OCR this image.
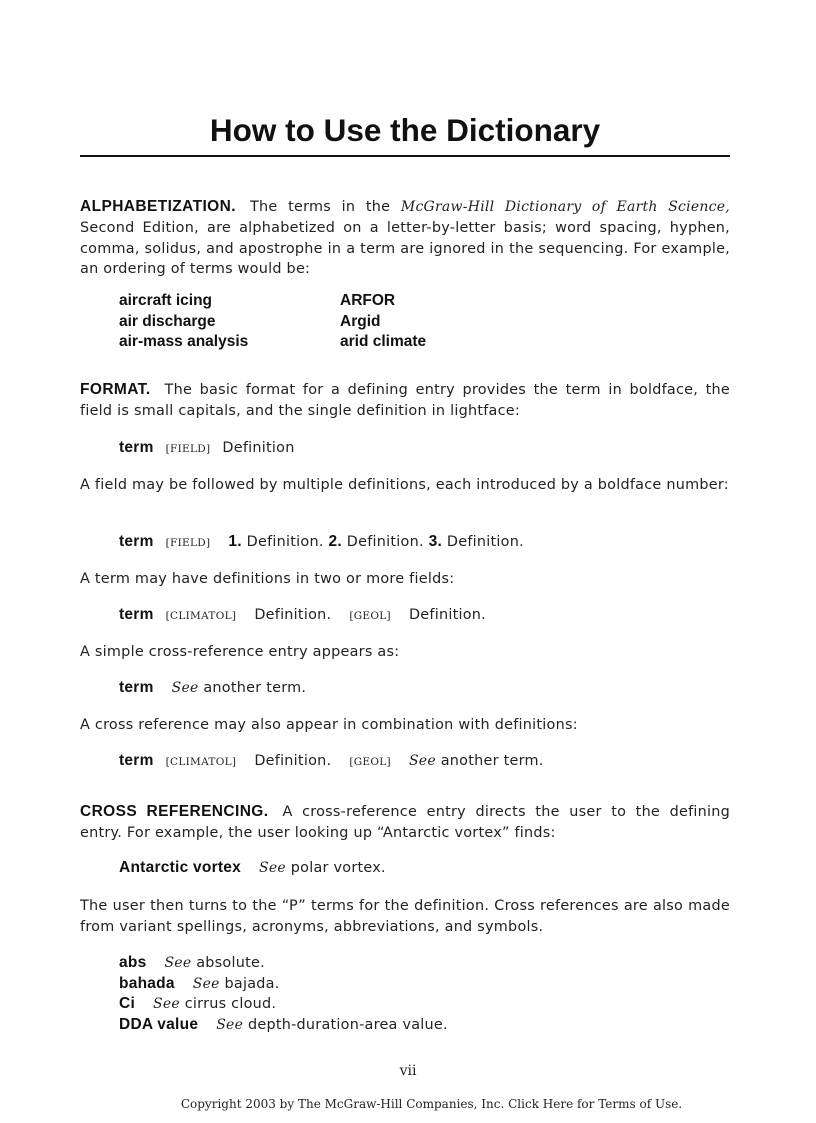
How to Use the Dictionary

ALPHABETIZATION. The terms in the McGraw-Hill Dictionary of Earth Science, Second Edition, are alphabetized on a letter-by-letter basis; word spacing, hyphen, comma, solidus, and apostrophe in a term are ignored in the sequencing. For example, an ordering of terms would be:

aircraft icing
air discharge
air-mass analysis
ARFOR
Argid
arid climate

FORMAT. The basic format for a defining entry provides the term in boldface, the field is small capitals, and the single definition in lightface:

term [FIELD] Definition

A field may be followed by multiple definitions, each introduced by a boldface number:

term [FIELD] 1. Definition. 2. Definition. 3. Definition.

A term may have definitions in two or more fields:

term [CLIMATOL] Definition. [GEOL] Definition.

A simple cross-reference entry appears as:

term See another term.

A cross reference may also appear in combination with definitions:

term [CLIMATOL] Definition. [GEOL] See another term.

CROSS REFERENCING. A cross-reference entry directs the user to the defining entry. For example, the user looking up “Antarctic vortex” finds:

Antarctic vortex See polar vortex.

The user then turns to the “P” terms for the definition. Cross references are also made from variant spellings, acronyms, abbreviations, and symbols.

abs See absolute.
bahada See bajada.
Ci See cirrus cloud.
DDA value See depth-duration-area value.
vii
Copyright 2003 by The McGraw-Hill Companies, Inc. Click Here for Terms of Use.
